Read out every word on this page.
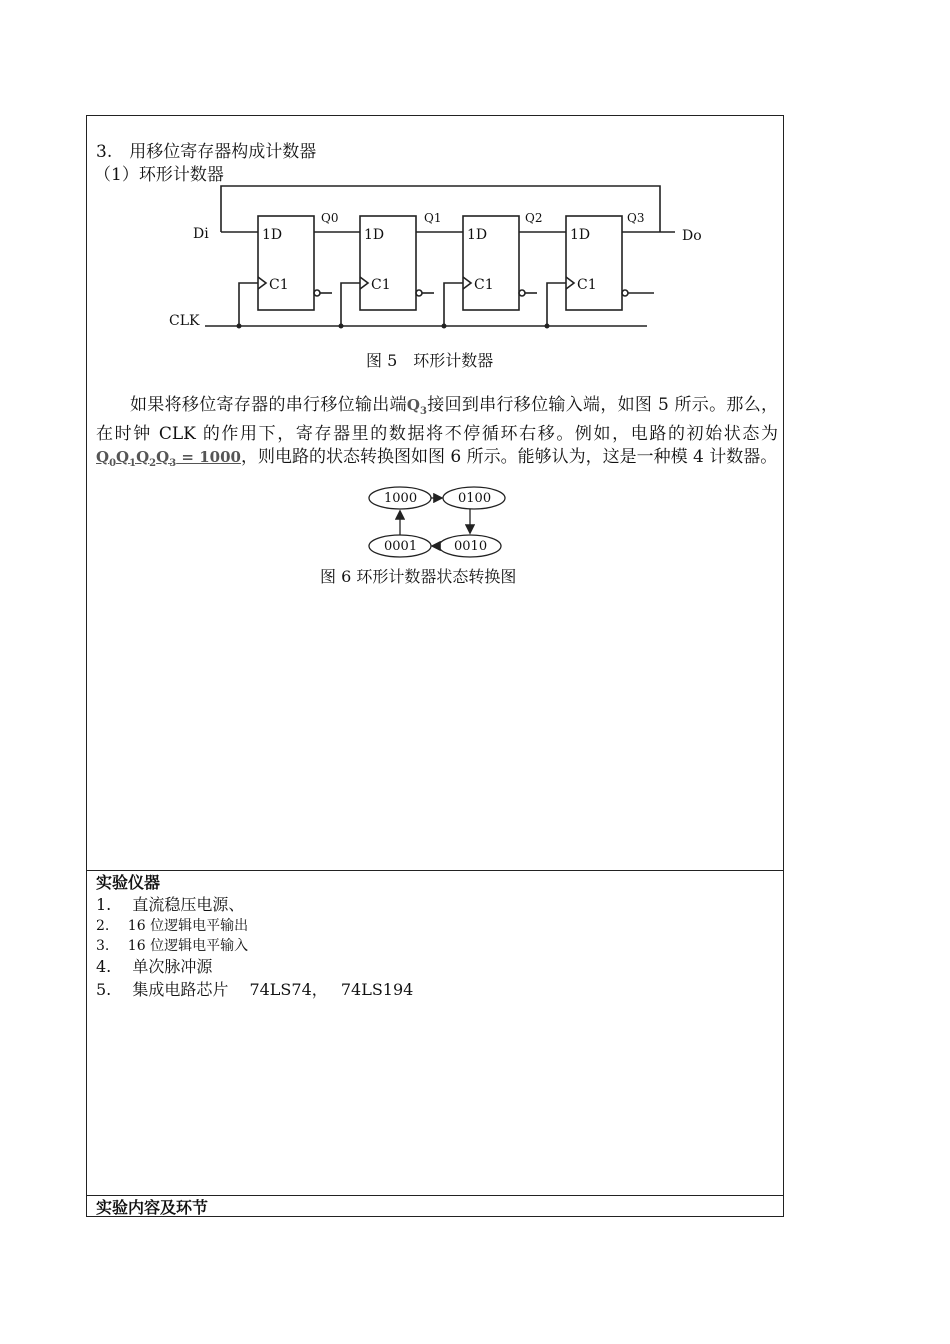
3.　用移位寄存器构成计数器
（1）环形计数器
Di	Do
CLK
1D	1D	1D	1D
C1	C1	C1	C1
Q0	Q1	Q2	Q3
图 5　环形计数器
如果将移位寄存器的串行移位输出端$Q_3$接回到串行移位输入端，如图 5 所示。那么，在时钟 CLK 的作用下，寄存器里的数据将不停循环右移。例如，电路的初始状态为$Q_0Q_1Q_2Q_3 = 1000$，则电路的状态转换图如图 6 所示。能够认为，这是一种模 4 计数器。
1000	0100
0010
0001
图 6 环形计数器状态转换图
实验仪器
1.　 直流稳压电源、
2.　 16 位逻辑电平输出
3.　 16 位逻辑电平输入
4.　 单次脉冲源
5.　 集成电路芯片　 74LS74，　 74LS194
实验内容及环节
